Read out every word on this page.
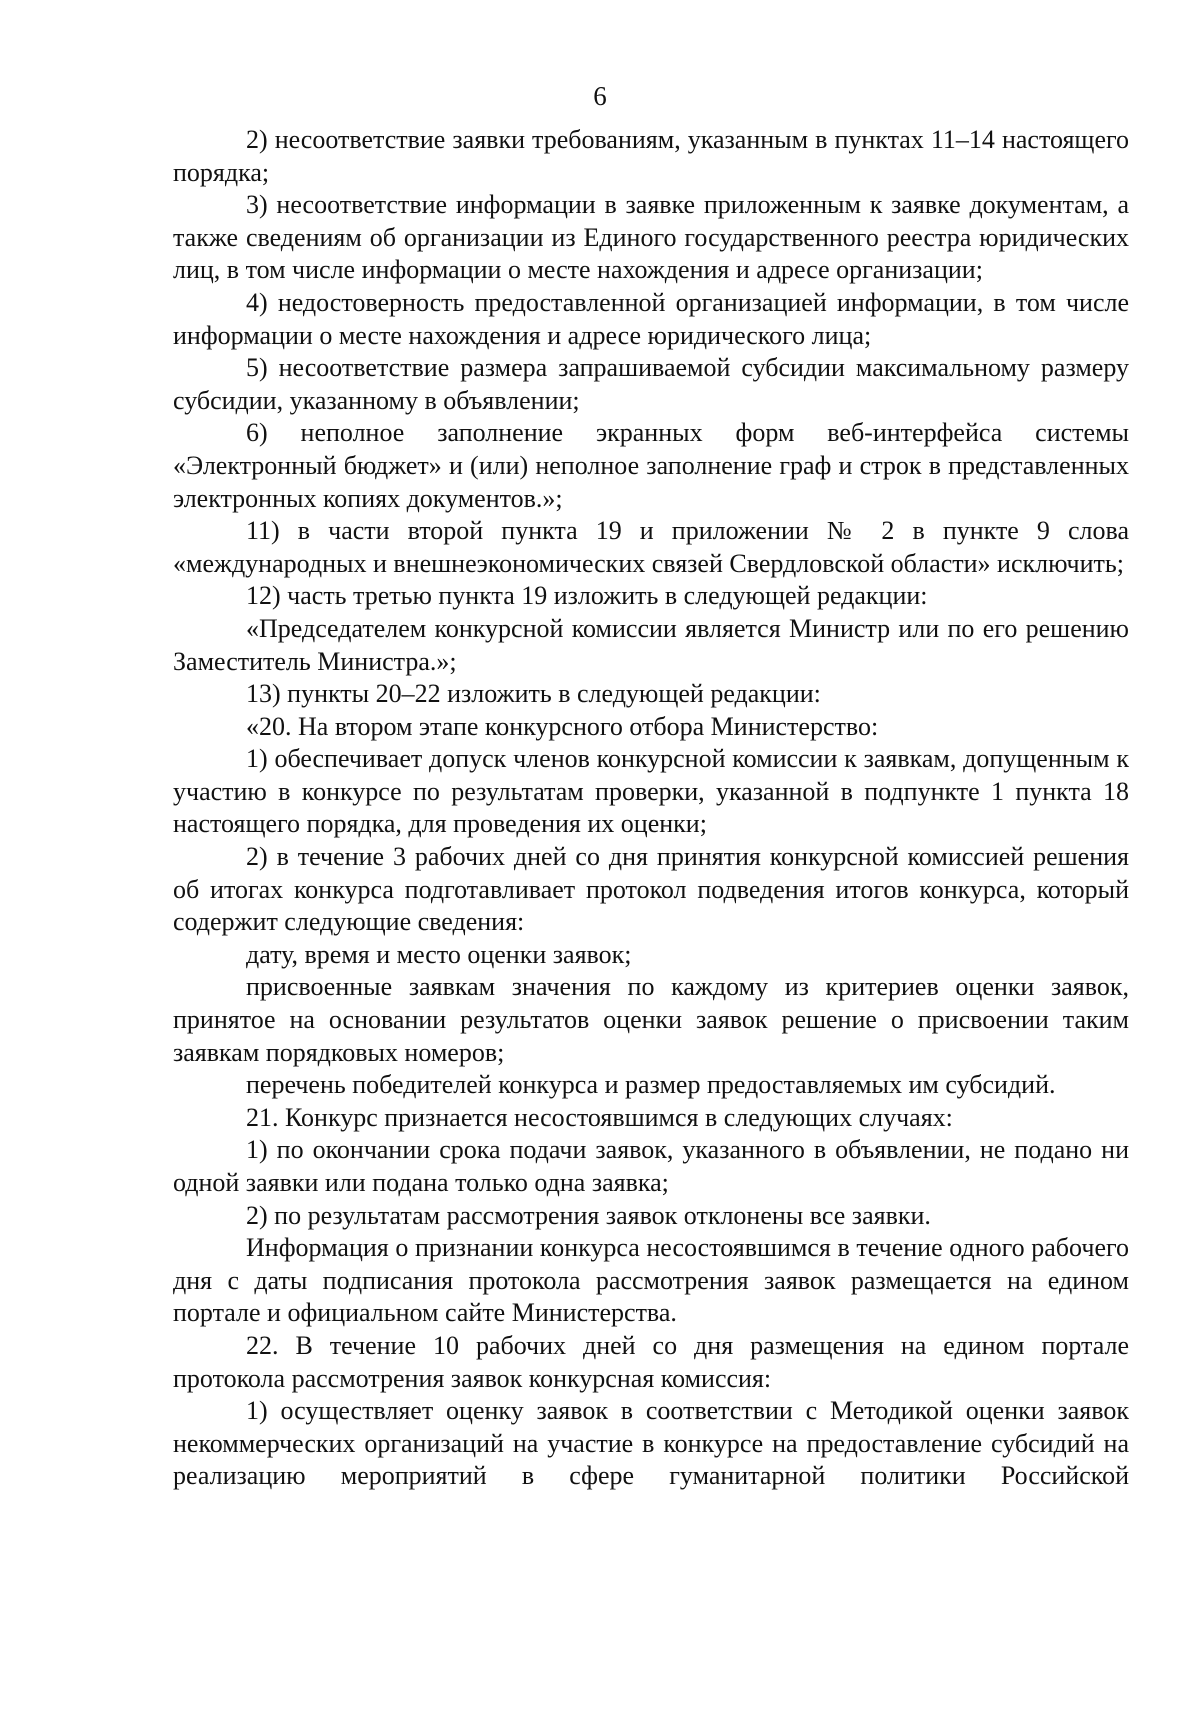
6

2) несоответствие заявки требованиям, указанным в пунктах 11–14 настоящего порядка;

3) несоответствие информации в заявке приложенным к заявке документам, а также сведениям об организации из Единого государственного реестра юридических лиц, в том числе информации о месте нахождения и адресе организации;

4) недостоверность предоставленной организацией информации, в том числе информации о месте нахождения и адресе юридического лица;

5) несоответствие размера запрашиваемой субсидии максимальному размеру субсидии, указанному в объявлении;

6) неполное заполнение экранных форм веб-интерфейса системы «Электронный бюджет» и (или) неполное заполнение граф и строк в представленных электронных копиях документов.»;

11) в части второй пункта 19 и приложении № 2 в пункте 9 слова «международных и внешнеэкономических связей Свердловской области» исключить;

12) часть третью пункта 19 изложить в следующей редакции:

«Председателем конкурсной комиссии является Министр или по его решению Заместитель Министра.»;

13) пункты 20–22 изложить в следующей редакции:

«20. На втором этапе конкурсного отбора Министерство:

1) обеспечивает допуск членов конкурсной комиссии к заявкам, допущенным к участию в конкурсе по результатам проверки, указанной в подпункте 1 пункта 18 настоящего порядка, для проведения их оценки;

2) в течение 3 рабочих дней со дня принятия конкурсной комиссией решения об итогах конкурса подготавливает протокол подведения итогов конкурса, который содержит следующие сведения:

дату, время и место оценки заявок;

присвоенные заявкам значения по каждому из критериев оценки заявок, принятое на основании результатов оценки заявок решение о присвоении таким заявкам порядковых номеров;

перечень победителей конкурса и размер предоставляемых им субсидий.

21. Конкурс признается несостоявшимся в следующих случаях:

1) по окончании срока подачи заявок, указанного в объявлении, не подано ни одной заявки или подана только одна заявка;

2) по результатам рассмотрения заявок отклонены все заявки.

Информация о признании конкурса несостоявшимся в течение одного рабочего дня с даты подписания протокола рассмотрения заявок размещается на едином портале и официальном сайте Министерства.

22. В течение 10 рабочих дней со дня размещения на едином портале протокола рассмотрения заявок конкурсная комиссия:

1) осуществляет оценку заявок в соответствии с Методикой оценки заявок некоммерческих организаций на участие в конкурсе на предоставление субсидий на реализацию мероприятий в сфере гуманитарной политики Российской
